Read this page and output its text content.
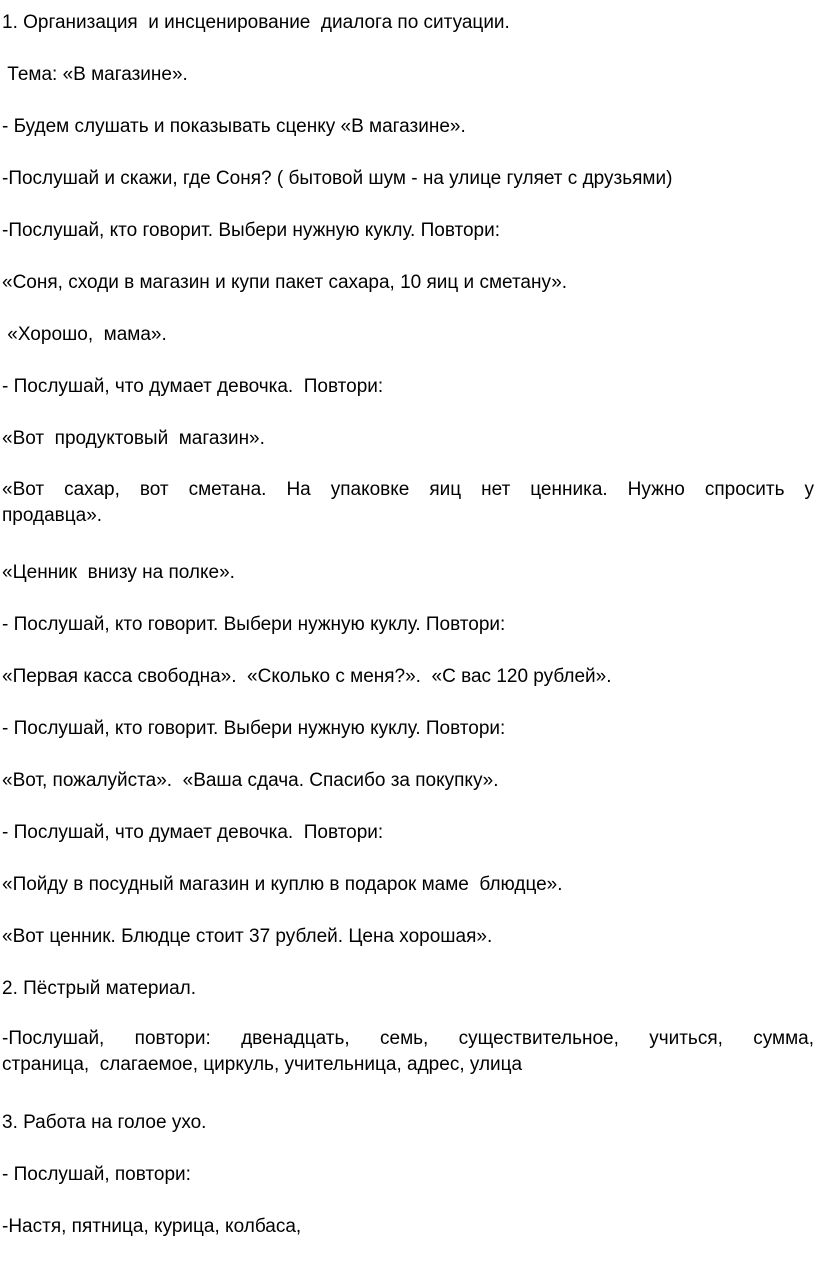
1. Организация  и инсценирование  диалога по ситуации.
Тема: «В магазине».
- Будем слушать и показывать сценку «В магазине».
-Послушай и скажи, где Соня? ( бытовой шум - на улице гуляет с друзьями)
-Послушай, кто говорит. Выбери нужную куклу. Повтори:
«Соня, сходи в магазин и купи пакет сахара, 10 яиц и сметану».
«Хорошо,  мама».
- Послушай, что думает девочка.  Повтори:
«Вот  продуктовый  магазин».
«Вот сахар, вот сметана. На упаковке яиц нет ценника. Нужно спросить у
продавца».
«Ценник  внизу на полке».
- Послушай, кто говорит. Выбери нужную куклу. Повтори:
«Первая касса свободна».  «Сколько с меня?».  «С вас 120 рублей».
- Послушай, кто говорит. Выбери нужную куклу. Повтори:
«Вот, пожалуйста».  «Ваша сдача. Спасибо за покупку».
- Послушай, что думает девочка.  Повтори:
«Пойду в посудный магазин и куплю в подарок маме  блюдце».
«Вот ценник. Блюдце стоит 37 рублей. Цена хорошая».
2. Пёстрый материал.
-Послушай, повтори: двенадцать, семь, существительное, учиться, сумма,
страница,  слагаемое, циркуль, учительница, адрес, улица
3. Работа на голое ухо.
- Послушай, повтори:
-Настя, пятница, курица, колбаса,
